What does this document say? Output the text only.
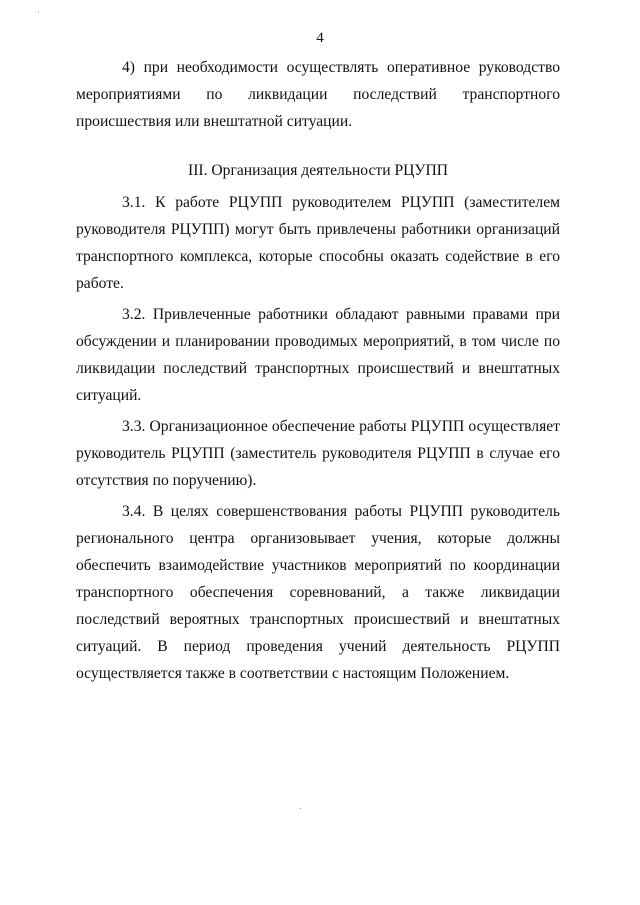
4

4) при необходимости осуществлять оперативное руководство мероприятиями по ликвидации последствий транспортного происшествия или внештатной ситуации.

III. Организация деятельности РЦУПП

3.1. К работе РЦУПП руководителем РЦУПП (заместителем руководителя РЦУПП) могут быть привлечены работники организаций транспортного комплекса, которые способны оказать содействие в его работе.

3.2. Привлеченные работники обладают равными правами при обсуждении и планировании проводимых мероприятий, в том числе по ликвидации последствий транспортных происшествий и внештатных ситуаций.

3.3. Организационное обеспечение работы РЦУПП осуществляет руководитель РЦУПП (заместитель руководителя РЦУПП в случае его отсутствия по поручению).

3.4. В целях совершенствования работы РЦУПП руководитель регионального центра организовывает учения, которые должны обеспечить взаимодействие участников мероприятий по координации транспортного обеспечения соревнований, а также ликвидации последствий вероятных транспортных происшествий и внештатных ситуаций. В период проведения учений деятельность РЦУПП осуществляется также в соответствии с настоящим Положением.
